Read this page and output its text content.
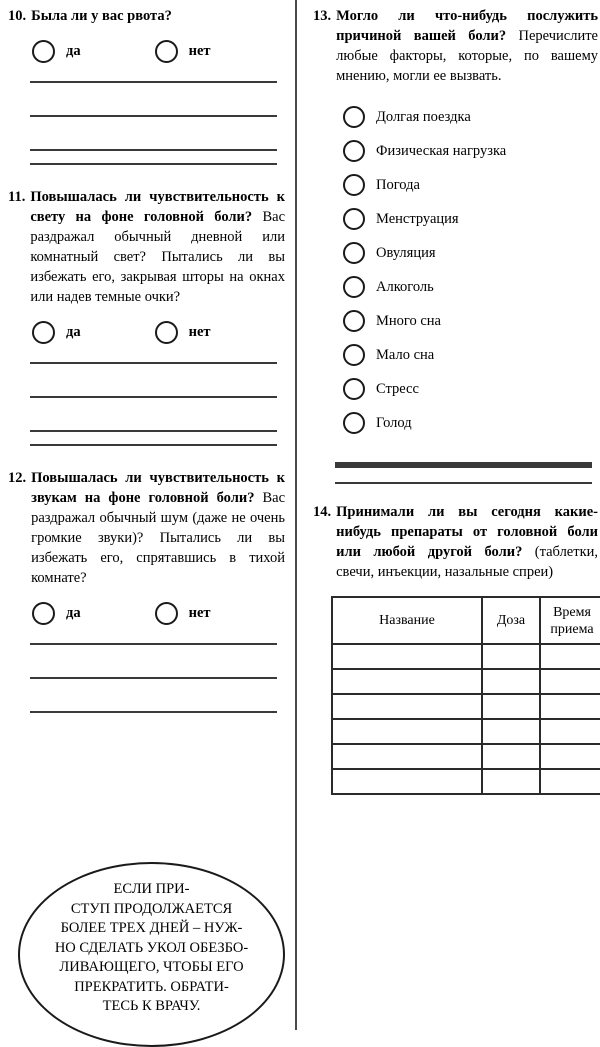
10. Была ли у вас рвота?
да	нет
11. Повышалась ли чувствительность к свету на фоне головной боли? Вас раздражал обычный дневной или комнатный свет? Пытались ли вы избежать его, закрывая шторы на окнах или надев темные очки?
да	нет
12. Повышалась ли чувствительность к звукам на фоне головной боли? Вас раздражал обычный шум (даже не очень громкие звуки)? Пытались ли вы избежать его, спрятавшись в тихой комнате?
да	нет
ЕСЛИ ПРИ-
СТУП ПРОДОЛЖАЕТСЯ
БОЛЕЕ ТРЕХ ДНЕЙ – НУЖ-
НО СДЕЛАТЬ УКОЛ ОБЕЗБО-
ЛИВАЮЩЕГО, ЧТОБЫ ЕГО
ПРЕКРАТИТЬ. ОБРАТИ-
ТЕСЬ К ВРАЧУ.
13. Могло ли что-нибудь послужить причиной вашей боли? Перечислите любые факторы, которые, по вашему мнению, могли ее вызвать.
Долгая поездка
Физическая нагрузка
Погода
Менструация
Овуляция
Алкоголь
Много сна
Мало сна
Стресс
Голод
14. Принимали ли вы сегодня какие-нибудь препараты от головной боли или любой другой боли? (таблетки, свечи, инъекции, назальные спреи)
Название	Доза	Время приема
